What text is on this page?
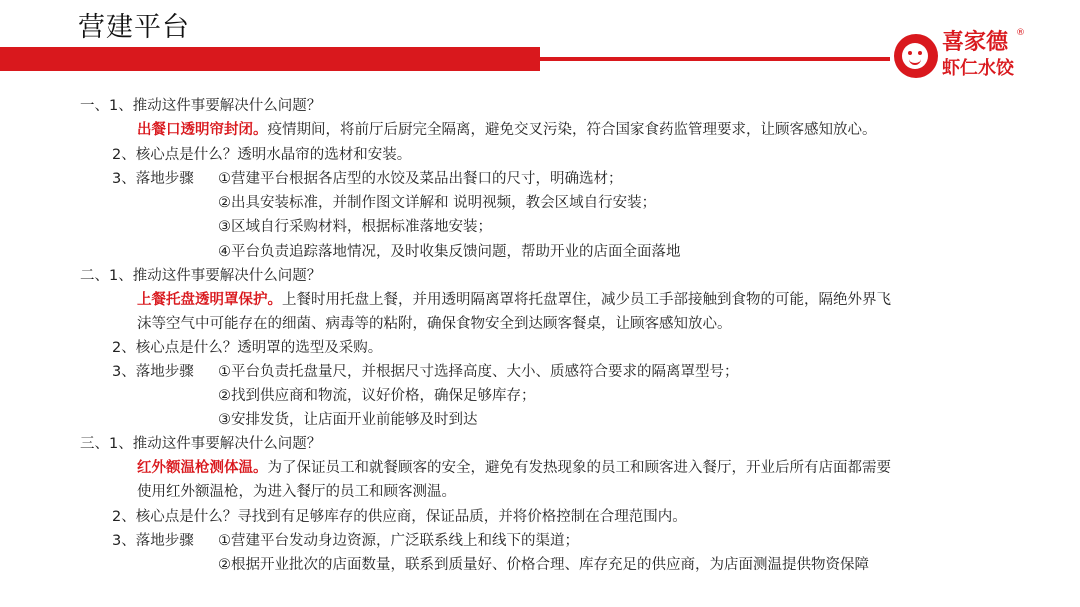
营建平台	喜家德 ®
虾仁水饺
一、1、推动这件事要解决什么问题？
出餐口透明帘封闭。疫情期间，将前厅后厨完全隔离，避免交叉污染，符合国家食药监管理要求，让顾客感知放心。
2、核心点是什么？透明水晶帘的选材和安装。
3、落地步骤 ①营建平台根据各店型的水饺及菜品出餐口的尺寸，明确选材；
②出具安装标准，并制作图文详解和 说明视频，教会区域自行安装；
③区域自行采购材料，根据标准落地安装；
④平台负责追踪落地情况，及时收集反馈问题，帮助开业的店面全面落地
二、1、推动这件事要解决什么问题？
上餐托盘透明罩保护。上餐时用托盘上餐，并用透明隔离罩将托盘罩住，减少员工手部接触到食物的可能，隔绝外界飞
沫等空气中可能存在的细菌、病毒等的粘附，确保食物安全到达顾客餐桌，让顾客感知放心。
2、核心点是什么？透明罩的选型及采购。
3、落地步骤 ①平台负责托盘量尺，并根据尺寸选择高度、大小、质感符合要求的隔离罩型号；
②找到供应商和物流，议好价格，确保足够库存；
③安排发货，让店面开业前能够及时到达
三、1、推动这件事要解决什么问题？
红外额温枪测体温。为了保证员工和就餐顾客的安全，避免有发热现象的员工和顾客进入餐厅，开业后所有店面都需要
使用红外额温枪，为进入餐厅的员工和顾客测温。
2、核心点是什么？寻找到有足够库存的供应商，保证品质，并将价格控制在合理范围内。
3、落地步骤 ①营建平台发动身边资源，广泛联系线上和线下的渠道；
②根据开业批次的店面数量，联系到质量好、价格合理、库存充足的供应商，为店面测温提供物资保障
